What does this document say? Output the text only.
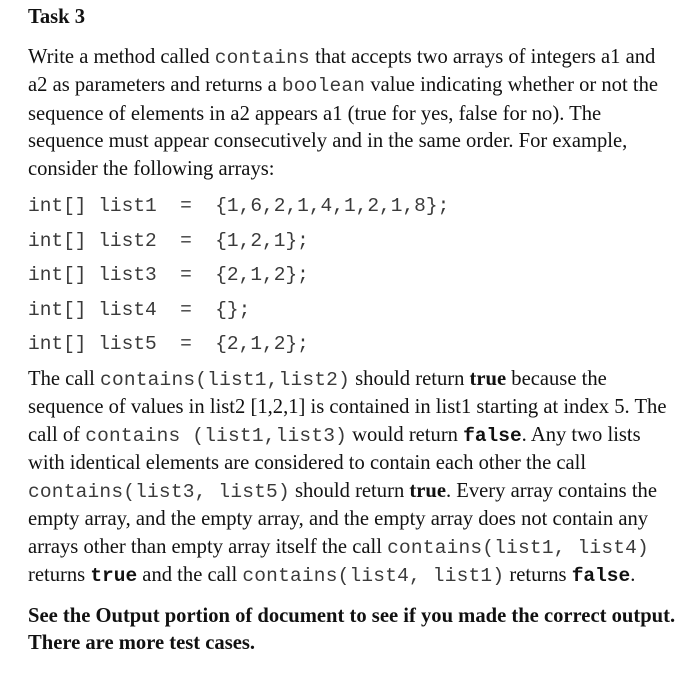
Task 3

Write a method called contains that accepts two arrays of integers a1 and a2 as parameters and returns a boolean value indicating whether or not the sequence of elements in a2 appears a1 (true for yes, false for no). The sequence must appear consecutively and in the same order. For example, consider the following arrays:

int[] list1  =  {1,6,2,1,4,1,2,1,8};
int[] list2  =  {1,2,1};
int[] list3  =  {2,1,2};
int[] list4  =  {};
int[] list5  =  {2,1,2};

The call contains(list1,list2) should return true because the sequence of values in list2 [1,2,1] is contained in list1 starting at index 5. The call of contains (list1,list3) would return false. Any two lists with identical elements are considered to contain each other the call contains(list3, list5) should return true. Every array contains the empty array, and the empty array, and the empty array does not contain any arrays other than empty array itself the call contains(list1, list4) returns true and the call contains(list4, list1) returns false.

See the Output portion of document to see if you made the correct output. There are more test cases.
